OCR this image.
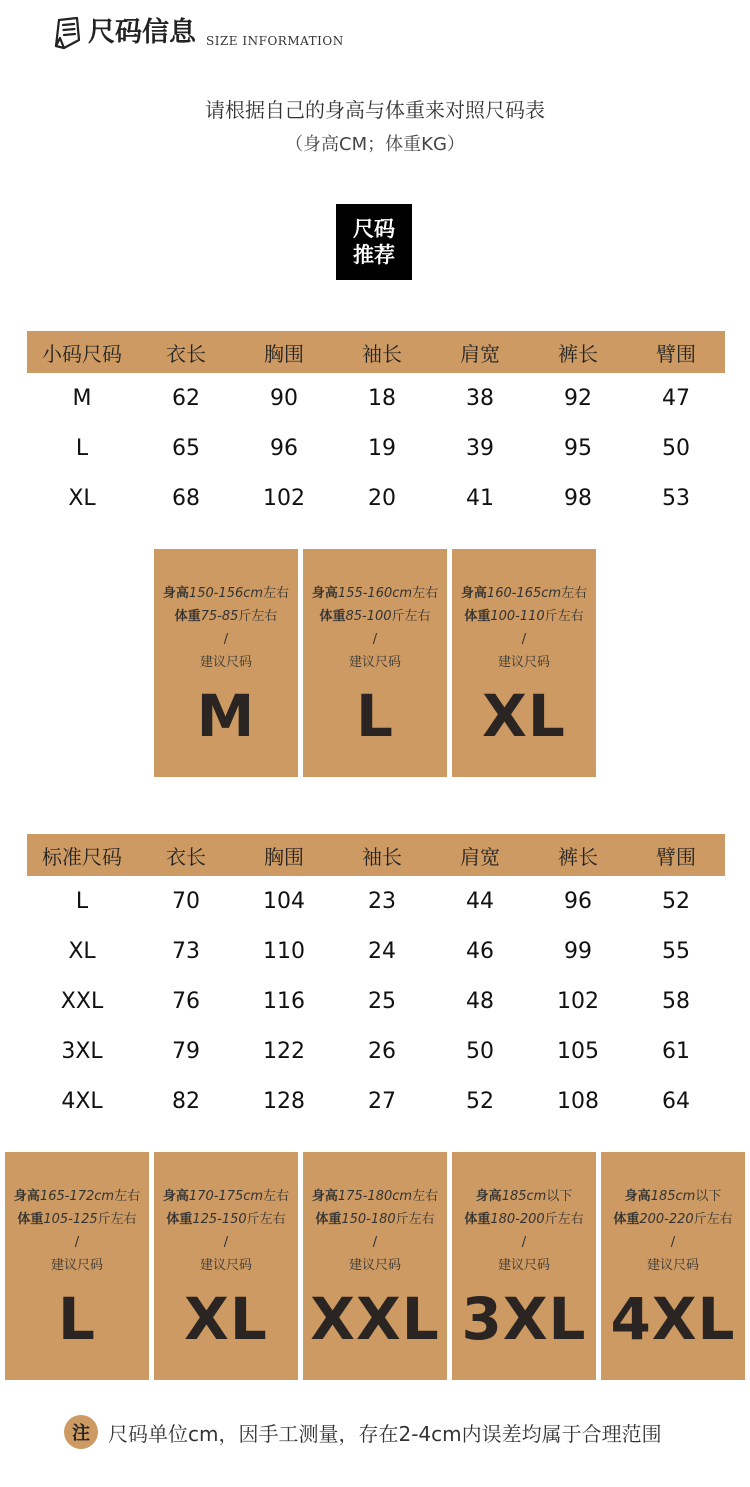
尺码信息 SIZE INFORMATION
请根据自己的身高与体重来对照尺码表
（身高CM；体重KG）
尺码
推荐
小码尺码	衣长	胸围	袖长	肩宽	裤长	臂围
M	62	90	18	38	92	47
L	65	96	19	39	95	50
XL	68	102	20	41	98	53
身高150-156cm左右
体重75-85斤左右
/
建议尺码
M
身高155-160cm左右
体重85-100斤左右
/
建议尺码
L
身高160-165cm左右
体重100-110斤左右
/
建议尺码
XL
标准尺码	衣长	胸围	袖长	肩宽	裤长	臂围
L	70	104	23	44	96	52
XL	73	110	24	46	99	55
XXL	76	116	25	48	102	58
3XL	79	122	26	50	105	61
4XL	82	128	27	52	108	64
身高165-172cm左右
体重105-125斤左右
/
建议尺码
L
身高170-175cm左右
体重125-150斤左右
/
建议尺码
XL
身高175-180cm左右
体重150-180斤左右
/
建议尺码
XXL
身高185cm以下
体重180-200斤左右
/
建议尺码
3XL
身高185cm以下
体重200-220斤左右
/
建议尺码
4XL
注 尺码单位cm，因手工测量，存在2-4cm内误差均属于合理范围
